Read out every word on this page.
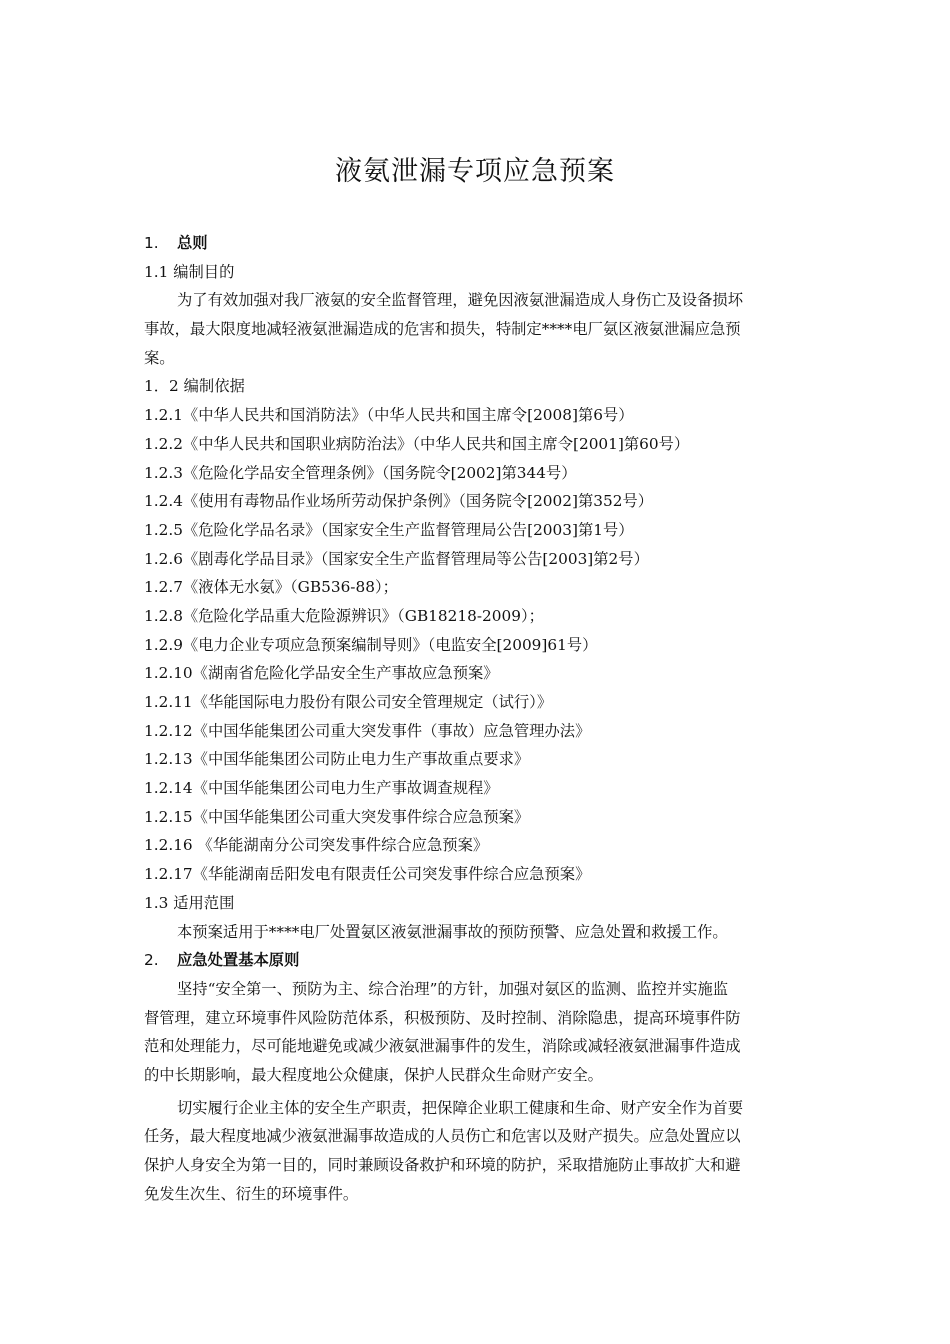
液氨泄漏专项应急预案
1. 总则
1.1 编制目的
为了有效加强对我厂液氨的安全监督管理，避免因液氨泄漏造成人身伤亡及设备损坏
事故，最大限度地减轻液氨泄漏造成的危害和损失，特制定****电厂氨区液氨泄漏应急预
案。
1．2 编制依据
1.2.1《中华人民共和国消防法》（中华人民共和国主席令[2008]第6号）
1.2.2《中华人民共和国职业病防治法》（中华人民共和国主席令[2001]第60号）
1.2.3《危险化学品安全管理条例》（国务院令[2002]第344号）
1.2.4《使用有毒物品作业场所劳动保护条例》（国务院令[2002]第352号）
1.2.5《危险化学品名录》（国家安全生产监督管理局公告[2003]第1号）
1.2.6《剧毒化学品目录》（国家安全生产监督管理局等公告[2003]第2号）
1.2.7《液体无水氨》（GB536-88）；
1.2.8《危险化学品重大危险源辨识》（GB18218-2009）；
1.2.9《电力企业专项应急预案编制导则》（电监安全[2009]61号）
1.2.10《湖南省危险化学品安全生产事故应急预案》
1.2.11《华能国际电力股份有限公司安全管理规定（试行）》
1.2.12《中国华能集团公司重大突发事件（事故）应急管理办法》
1.2.13《中国华能集团公司防止电力生产事故重点要求》
1.2.14《中国华能集团公司电力生产事故调查规程》
1.2.15《中国华能集团公司重大突发事件综合应急预案》
1.2.16 《华能湖南分公司突发事件综合应急预案》
1.2.17《华能湖南岳阳发电有限责任公司突发事件综合应急预案》
1.3 适用范围
本预案适用于****电厂处置氨区液氨泄漏事故的预防预警、应急处置和救援工作。
2. 应急处置基本原则
坚持“安全第一、预防为主、综合治理”的方针，加强对氨区的监测、监控并实施监
督管理，建立环境事件风险防范体系，积极预防、及时控制、消除隐患，提高环境事件防
范和处理能力，尽可能地避免或减少液氨泄漏事件的发生，消除或减轻液氨泄漏事件造成
的中长期影响，最大程度地公众健康，保护人民群众生命财产安全。
切实履行企业主体的安全生产职责，把保障企业职工健康和生命、财产安全作为首要
任务，最大程度地减少液氨泄漏事故造成的人员伤亡和危害以及财产损失。应急处置应以
保护人身安全为第一目的，同时兼顾设备救护和环境的防护，采取措施防止事故扩大和避
免发生次生、衍生的环境事件。
